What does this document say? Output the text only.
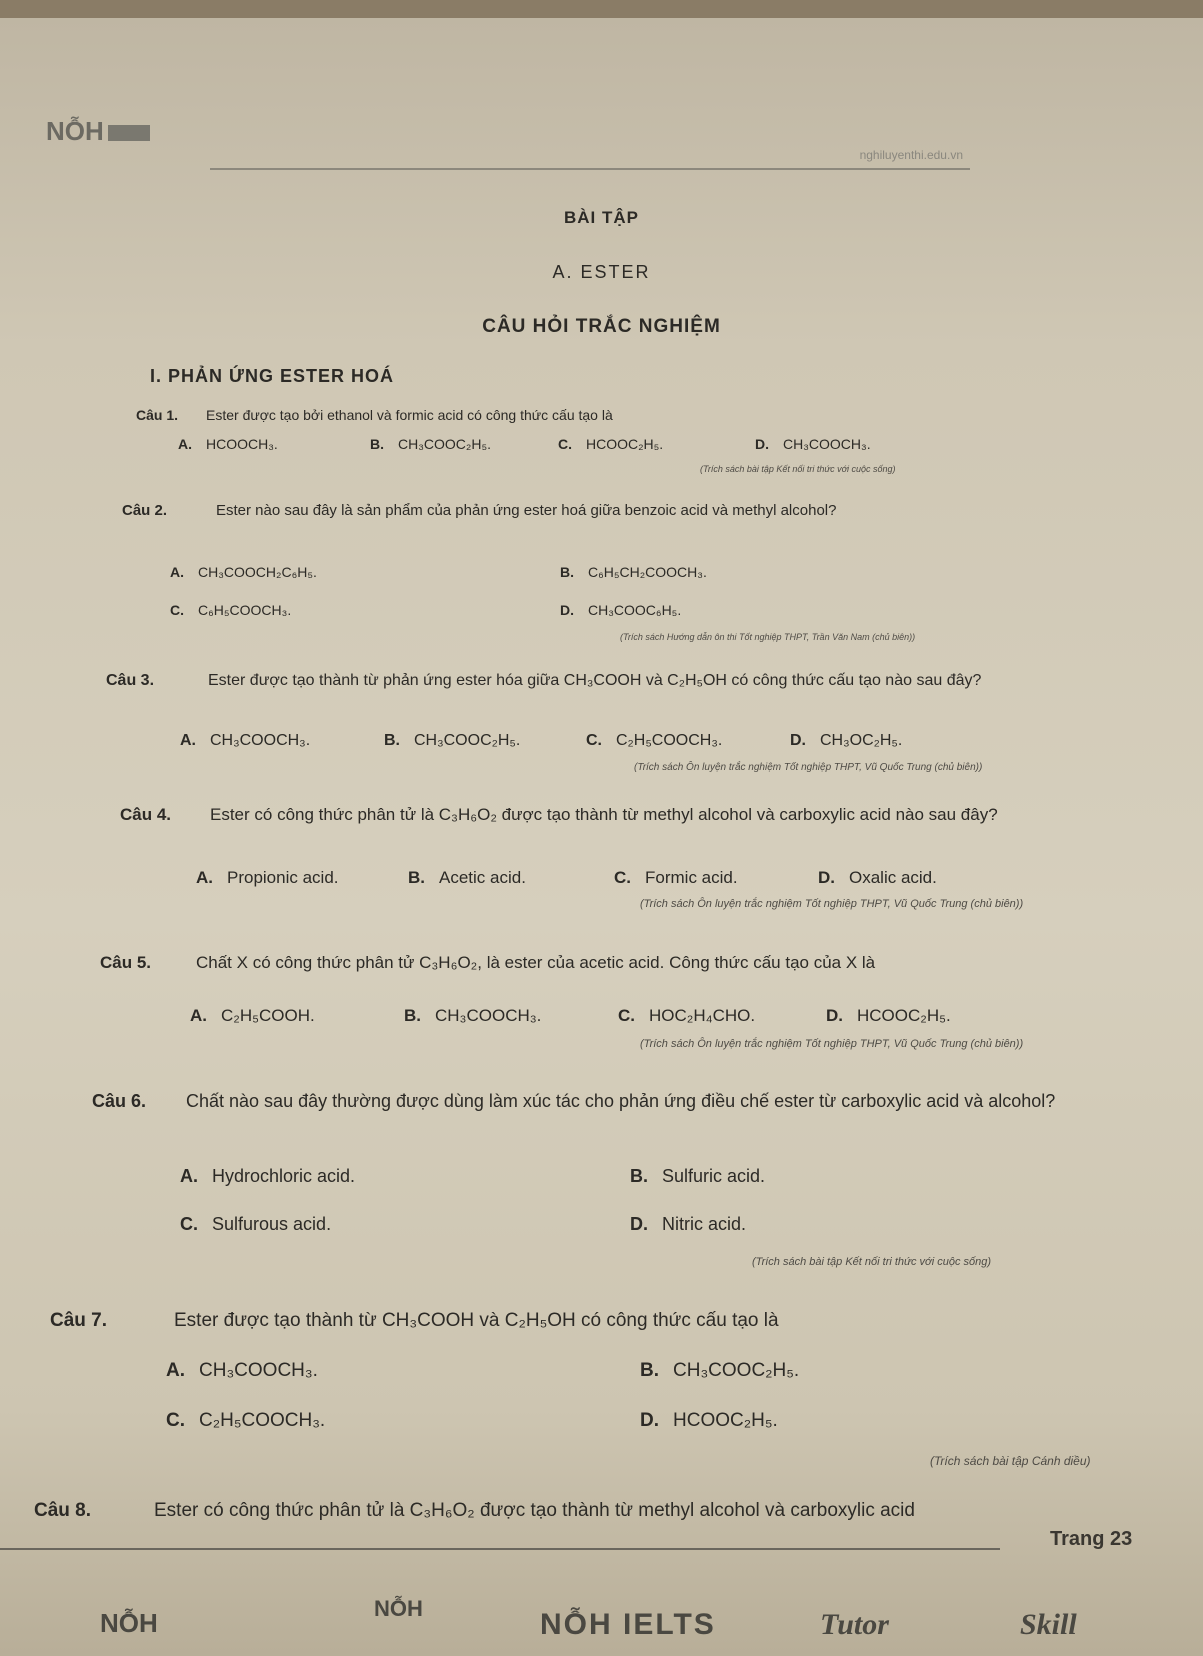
NỖH
nghiluyenthi.edu.vn
BÀI TẬP
A. ESTER
CÂU HỎI TRẮC NGHIỆM
I. PHẢN ỨNG ESTER HOÁ
Câu 1. Ester được tạo bởi ethanol và formic acid có công thức cấu tạo là
A. HCOOCH₃.	B. CH₃COOC₂H₅.	C. HCOOC₂H₅.	D. CH₃COOCH₃.
(Trích sách bài tập Kết nối tri thức với cuộc sống)
Câu 2.	Ester nào sau đây là sản phẩm của phản ứng ester hoá giữa benzoic acid và methyl alcohol?
A. CH₃COOCH₂C₆H₅.	B. C₆H₅CH₂COOCH₃.
C. C₆H₅COOCH₃.	D. CH₃COOC₆H₅.
(Trích sách Hướng dẫn ôn thi Tốt nghiệp THPT, Trần Văn Nam (chủ biên))
Câu 3.	Ester được tạo thành từ phản ứng ester hóa giữa CH₃COOH và C₂H₅OH có công thức cấu tạo nào sau đây?
A. CH₃COOCH₃.	B. CH₃COOC₂H₅.	C. C₂H₅COOCH₃.	D. CH₃OC₂H₅.
(Trích sách Ôn luyện trắc nghiệm Tốt nghiệp THPT, Vũ Quốc Trung (chủ biên))
Câu 4. Ester có công thức phân tử là C₃H₆O₂ được tạo thành từ methyl alcohol và carboxylic acid nào sau đây?
A. Propionic acid.	B. Acetic acid.	C. Formic acid.	D. Oxalic acid.
(Trích sách Ôn luyện trắc nghiệm Tốt nghiệp THPT, Vũ Quốc Trung (chủ biên))
Câu 5.	Chất X có công thức phân tử C₃H₆O₂, là ester của acetic acid. Công thức cấu tạo của X là
A. C₂H₅COOH.	B. CH₃COOCH₃.	C. HOC₂H₄CHO.	D. HCOOC₂H₅.
(Trích sách Ôn luyện trắc nghiệm Tốt nghiệp THPT, Vũ Quốc Trung (chủ biên))
Câu 6. Chất nào sau đây thường được dùng làm xúc tác cho phản ứng điều chế ester từ carboxylic acid và alcohol?
A. Hydrochloric acid.	B. Sulfuric acid.
C. Sulfurous acid.	D. Nitric acid.
(Trích sách bài tập Kết nối tri thức với cuộc sống)
Câu 7.	Ester được tạo thành từ CH₃COOH và C₂H₅OH có công thức cấu tạo là
A. CH₃COOCH₃.	B. CH₃COOC₂H₅.
C. C₂H₅COOCH₃.	D. HCOOC₂H₅.
(Trích sách bài tập Cánh diều)
Câu 8.	Ester có công thức phân tử là C₃H₆O₂ được tạo thành từ methyl alcohol và carboxylic acid
Trang 23
NỖH	NỖH	NỖH IELTS	Tutor	Skill
